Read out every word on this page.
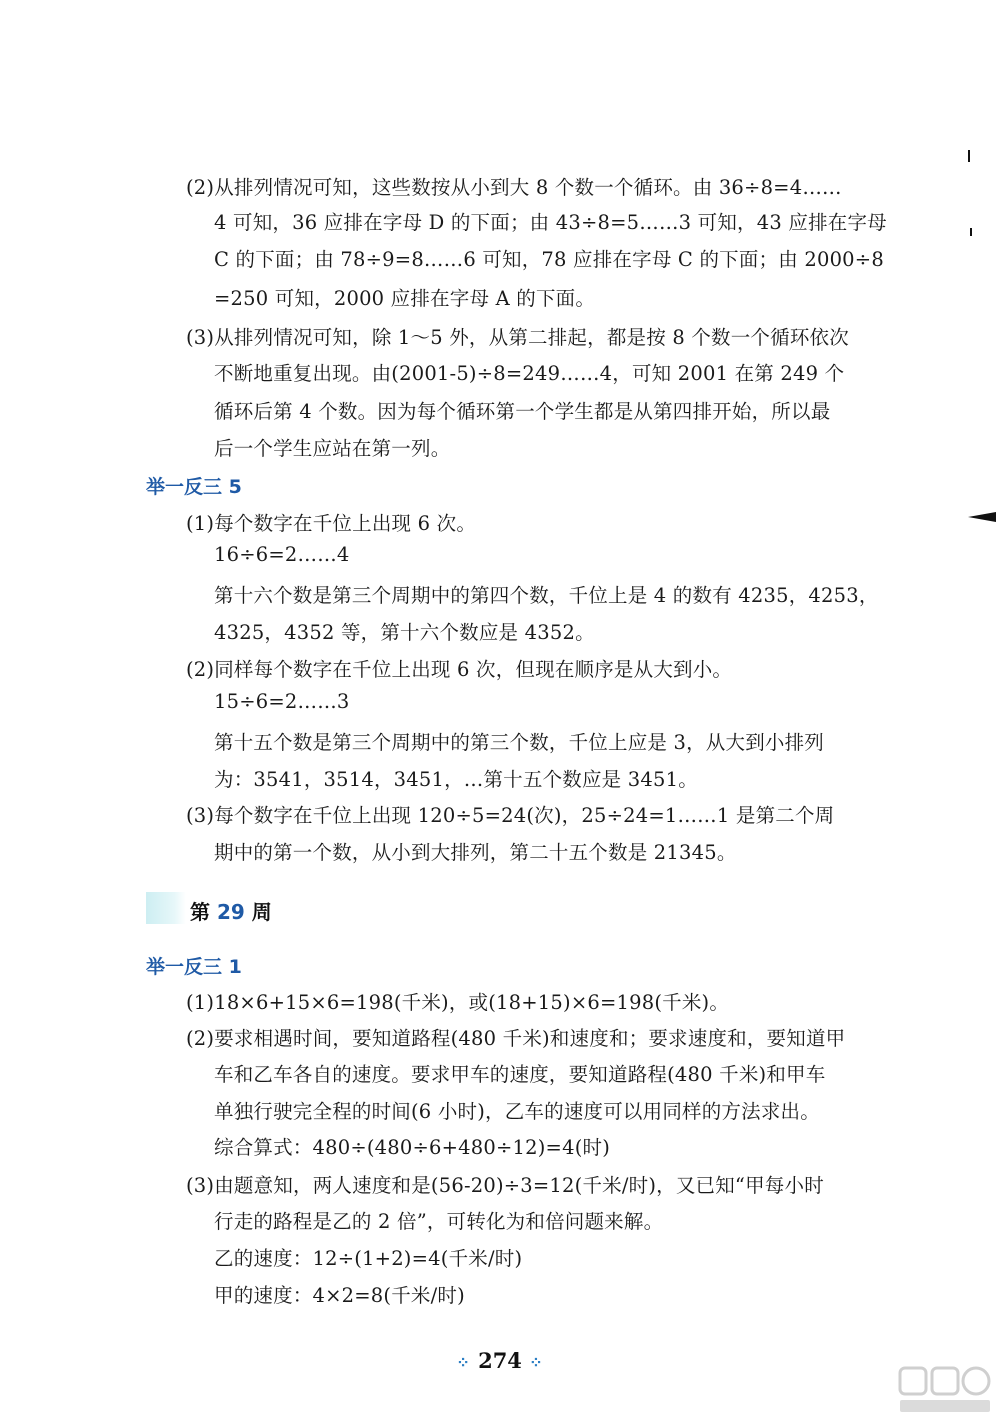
(2)从排列情况可知，这些数按从小到大 8 个数一个循环。由 36÷8=4……
4 可知，36 应排在字母 D 的下面；由 43÷8=5……3 可知，43 应排在字母
C 的下面；由 78÷9=8……6 可知，78 应排在字母 C 的下面；由 2000÷8
=250 可知，2000 应排在字母 A 的下面。
(3)从排列情况可知，除 1～5 外，从第二排起，都是按 8 个数一个循环依次
不断地重复出现。由(2001-5)÷8=249……4，可知 2001 在第 249 个
循环后第 4 个数。因为每个循环第一个学生都是从第四排开始，所以最
后一个学生应站在第一列。
举一反三 5
(1)每个数字在千位上出现 6 次。
16÷6=2……4
第十六个数是第三个周期中的第四个数，千位上是 4 的数有 4235，4253，
4325，4352 等，第十六个数应是 4352。
(2)同样每个数字在千位上出现 6 次，但现在顺序是从大到小。
15÷6=2……3
第十五个数是第三个周期中的第三个数，千位上应是 3，从大到小排列
为：3541，3514，3451，…第十五个数应是 3451。
(3)每个数字在千位上出现 120÷5=24(次)，25÷24=1……1 是第二个周
期中的第一个数，从小到大排列，第二十五个数是 21345。
第 29 周
举一反三 1
(1)18×6+15×6=198(千米)，或(18+15)×6=198(千米)。
(2)要求相遇时间，要知道路程(480 千米)和速度和；要求速度和，要知道甲
车和乙车各自的速度。要求甲车的速度，要知道路程(480 千米)和甲车
单独行驶完全程的时间(6 小时)，乙车的速度可以用同样的方法求出。
综合算式：480÷(480÷6+480÷12)=4(时)
(3)由题意知，两人速度和是(56-20)÷3=12(千米/时)，又已知“甲每小时
行走的路程是乙的 2 倍”，可转化为和倍问题来解。
乙的速度：12÷(1+2)=4(千米/时)
甲的速度：4×2=8(千米/时)
⁘ 274 ⁘
